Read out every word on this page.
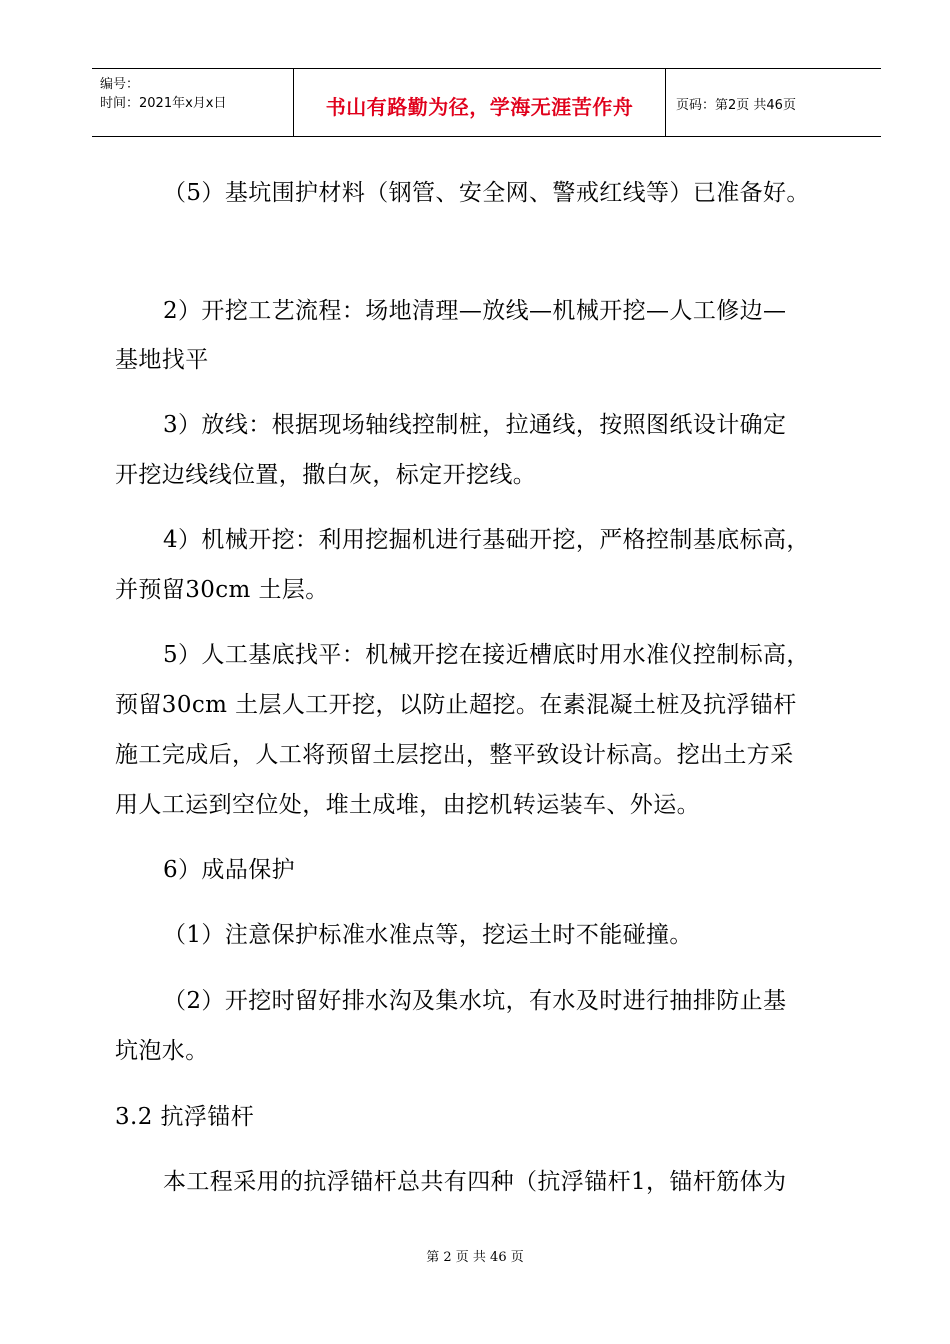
编号：
时间：2021年x月x日	书山有路勤为径，学海无涯苦作舟	页码：第2页 共46页
（5）基坑围护材料（钢管、安全网、警戒红线等）已准备好。
2）开挖工艺流程：场地清理—放线—机械开挖—人工修边—
基地找平
3）放线：根据现场轴线控制桩，拉通线，按照图纸设计确定
开挖边线线位置，撒白灰，标定开挖线。
4）机械开挖：利用挖掘机进行基础开挖，严格控制基底标高，
并预留30cm 土层。
5）人工基底找平：机械开挖在接近槽底时用水准仪控制标高，
预留30cm 土层人工开挖，以防止超挖。在素混凝土桩及抗浮锚杆
施工完成后，人工将预留土层挖出，整平致设计标高。挖出土方采
用人工运到空位处，堆土成堆，由挖机转运装车、外运。
6）成品保护
（1）注意保护标准水准点等，挖运土时不能碰撞。
（2）开挖时留好排水沟及集水坑，有水及时进行抽排防止基
坑泡水。
3.2 抗浮锚杆
本工程采用的抗浮锚杆总共有四种（抗浮锚杆1，锚杆筋体为
第 2 页 共 46 页
